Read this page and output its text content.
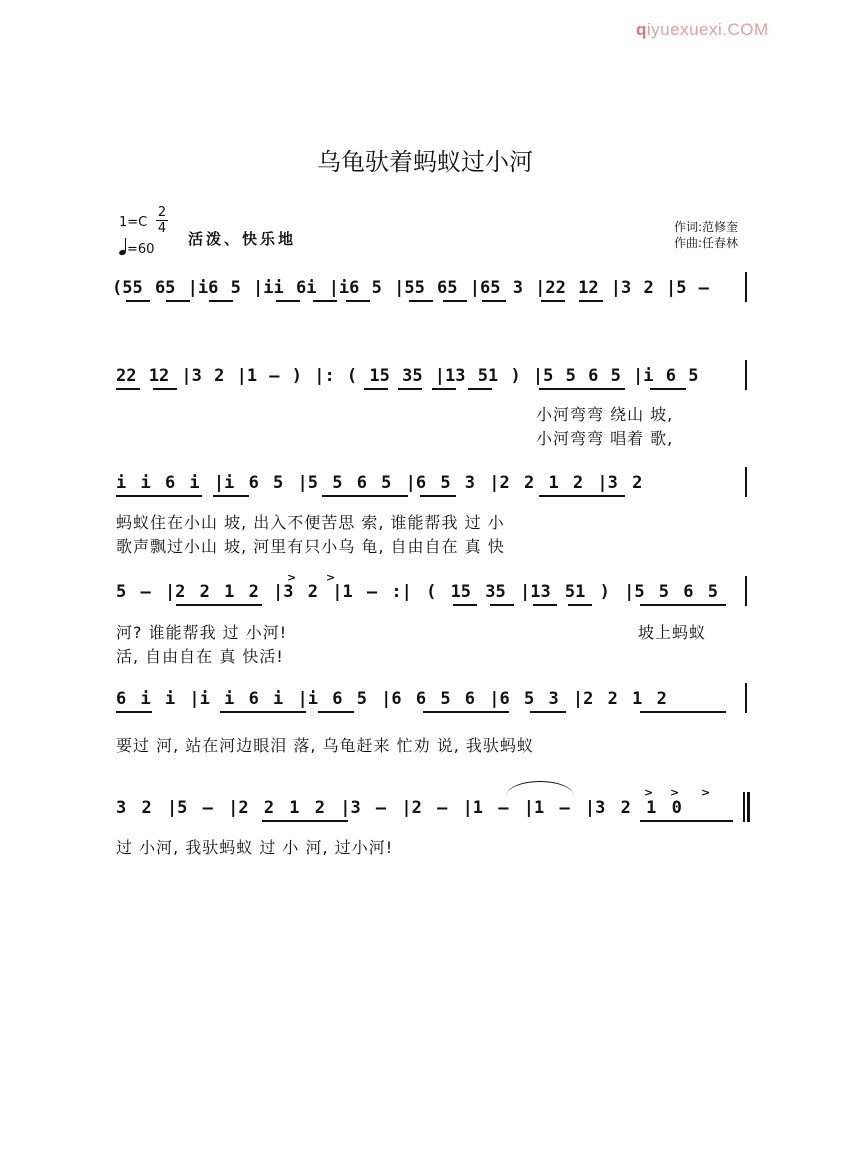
qiyuexuexi.COM
乌龟驮着蚂蚁过小河
1=C
2
4
=60
活泼、快乐地
作词:范修奎
作曲:任春林
(55 65 |i6 5 |ii 6i |i6 5 |55 65 |65 3 |22 12 |3 2 |5 –
22 12 |3 2 |1 – ) |: ( 15 35 |13 51 ) |5 5 6 5 |i 6 5
小河弯弯 绕山 坡,
小河弯弯 唱着 歌,
i i 6 i |i 6 5 |5 5 6 5 |6 5 3 |2 2 1 2 |3 2
蚂蚁住在小山 坡, 出入不便苦思 索, 谁能帮我 过 小
歌声飘过小山 坡, 河里有只小乌 龟, 自由自在 真 快
5 – |2 2 1 2 |3 2 |1 – :| ( 15 35 |13 51 ) |5 5 6 5
>	>
河? 谁能帮我 过 小河!
活, 自由自在 真 快活!
坡上蚂蚁
6 i i |i i 6 i |i 6 5 |6 6 5 6 |6 5 3 |2 2 1 2
要过 河, 站在河边眼泪 落, 乌龟赶来 忙劝 说, 我驮蚂蚁
> > >
3 2 |5 – |2 2 1 2 |3 – |2 – |1 – |1 – |3 2 1 0
过 小河, 我驮蚂蚁 过 小 河, 过小河!
